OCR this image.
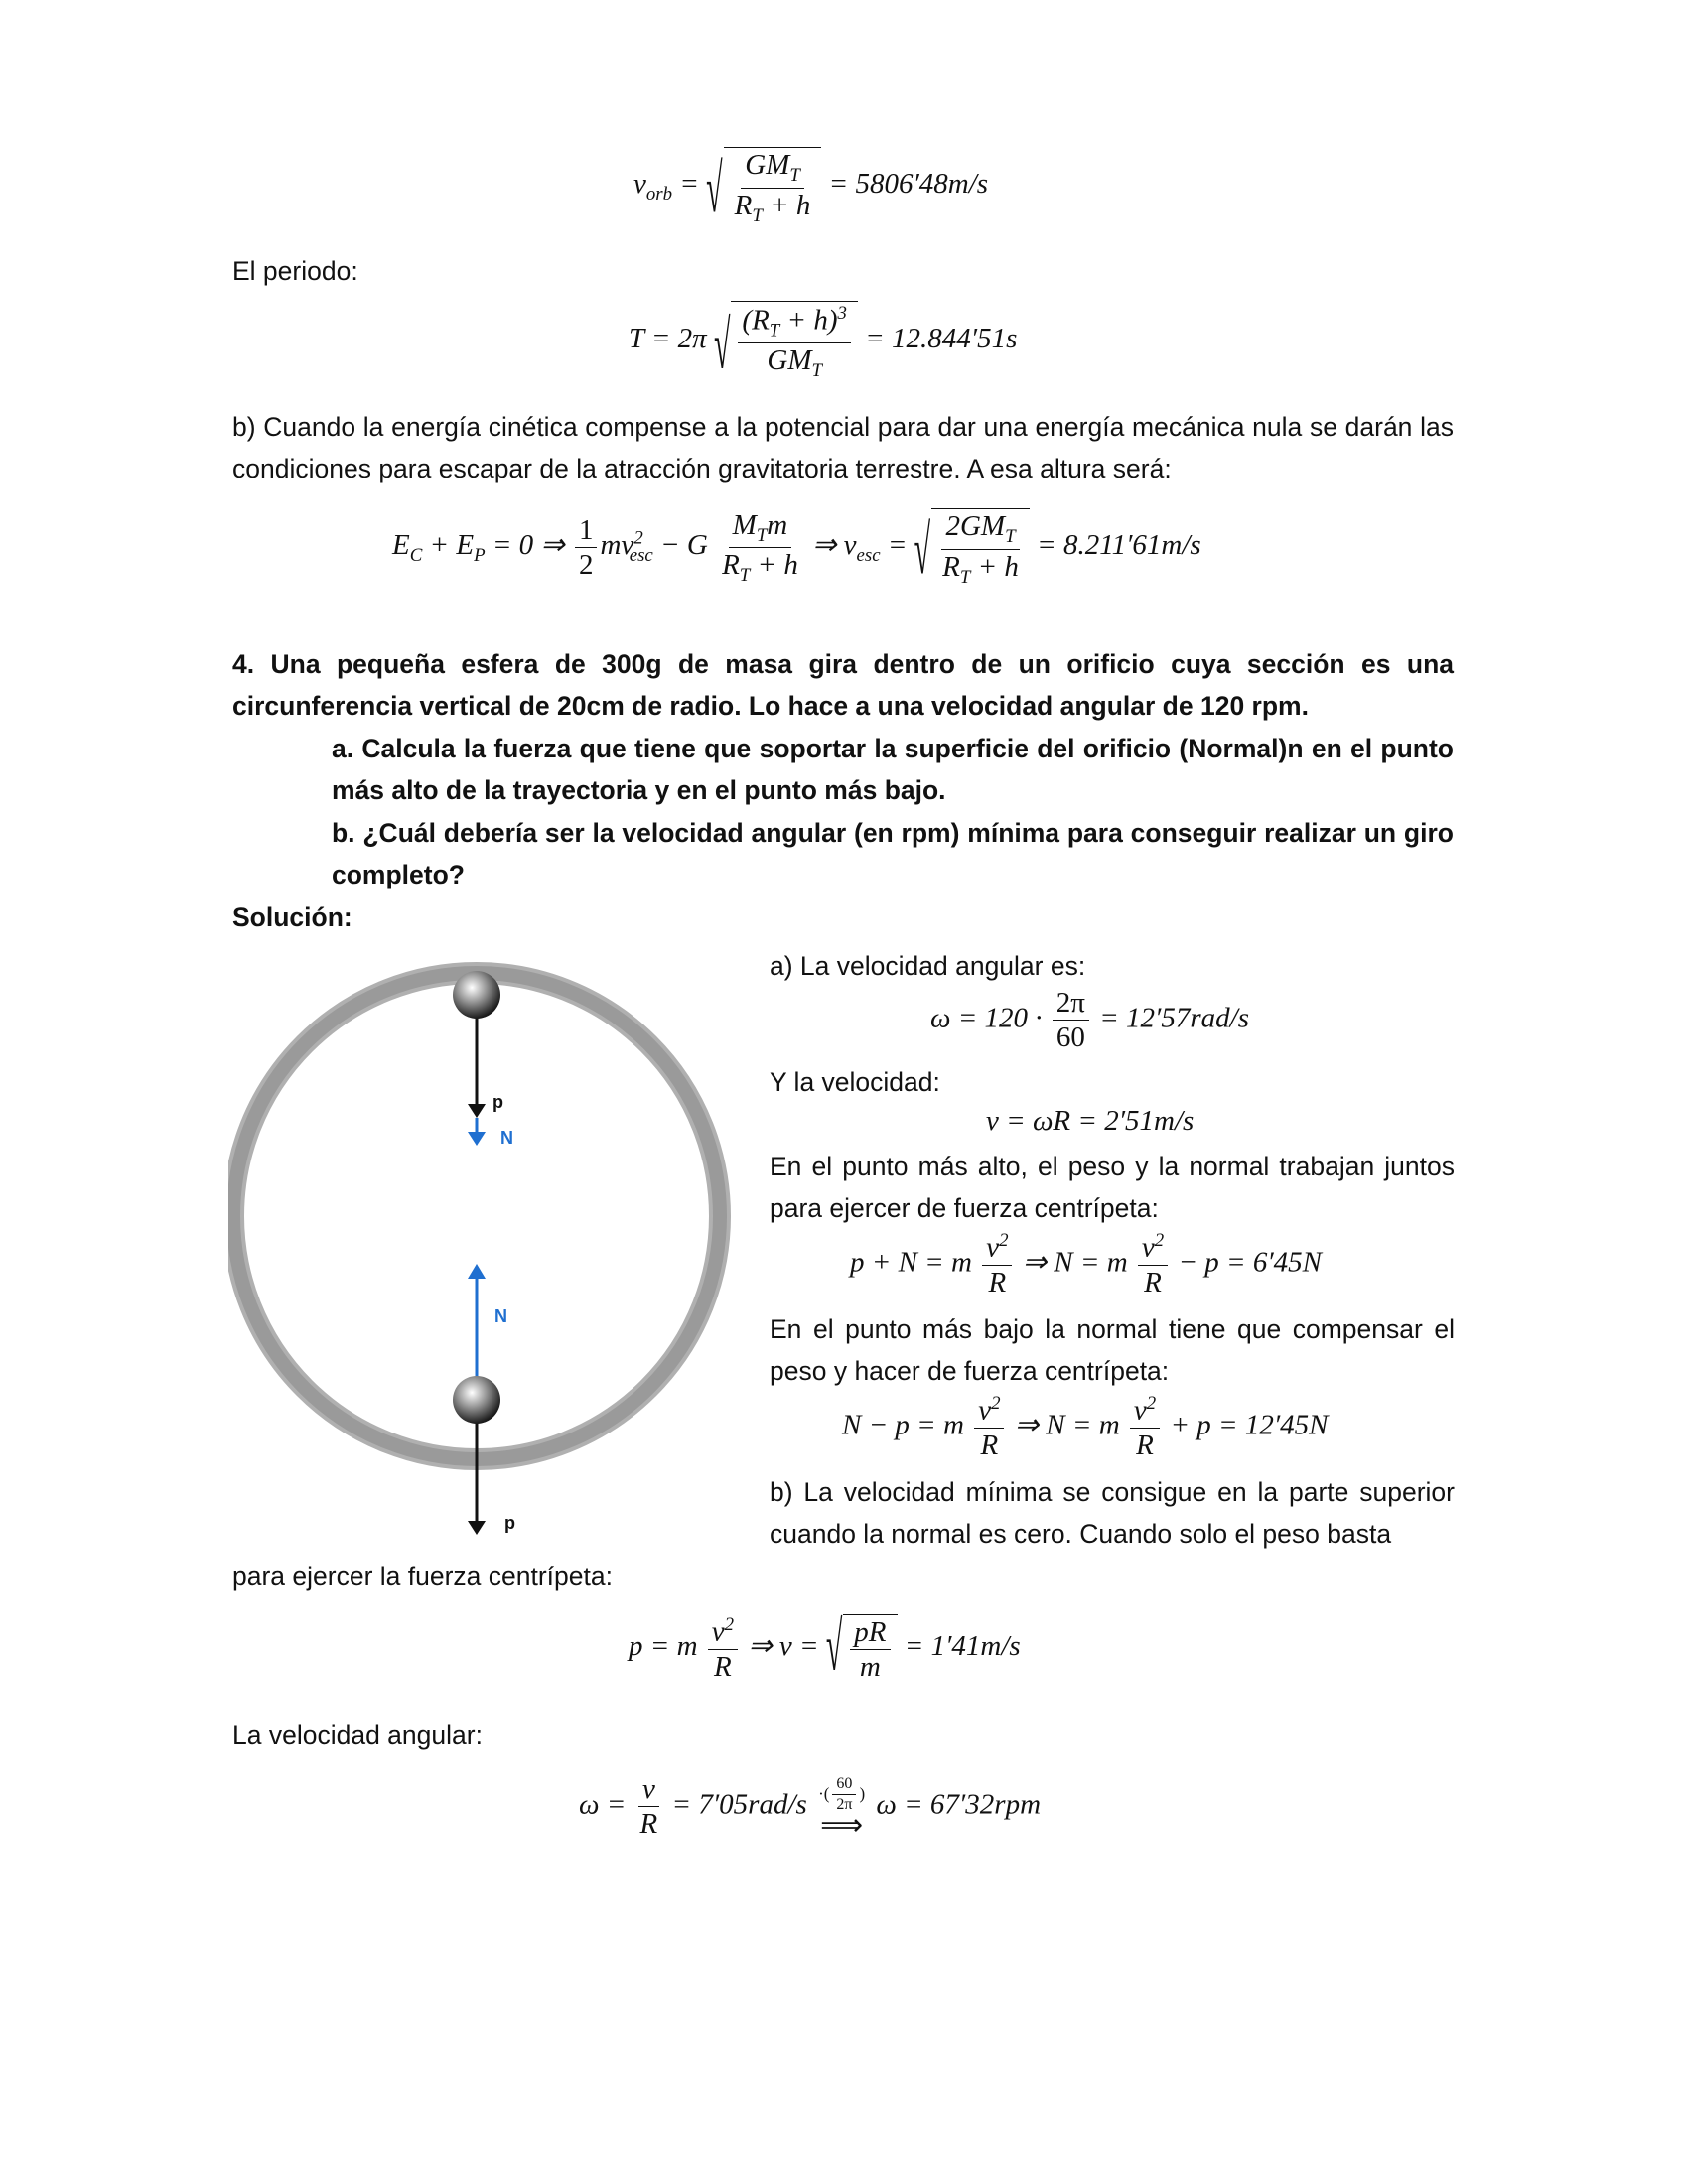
$v_{orb}$ = √ $\frac{GM_T}{R_T + h} = 5806'48m/s$
El periodo:
T = 2π √ $\frac{(R_T + h)^3}{GM_T} = 12.844'51s$
b) Cuando la energía cinética compense a la potencial para dar una energía mecánica nula se darán las condiciones para escapar de la atracción gravitatoria terrestre. A esa altura será:
$E_C + E_P = 0$ ⇒ $\frac{1}{2} mv^2_{esc} - G \frac{M_Tm}{R_T + h}$ ⇒ $v_{esc}$ = √ $\frac{2GM_T}{R_T + h} = 8.211'61m/s$
4. Una pequeña esfera de 300g de masa gira dentro de un orificio cuya sección es una circunferencia vertical de 20cm de radio. Lo hace a una velocidad angular de 120 rpm.
a. Calcula la fuerza que tiene que soportar la superficie del orificio (Normal)n en el punto más alto de la trayectoria y en el punto más bajo.
b. ¿Cuál debería ser la velocidad angular (en rpm) mínima para conseguir realizar un giro completo?
Solución:
p
N
N
p
a) La velocidad angular es:
$\omega = 120 \cdot \frac{2\pi}{60} = 12'57rad/s$
Y la velocidad:
v = ωR = 2′51m/s
En el punto más alto, el peso y la normal trabajan juntos para ejercer de fuerza centrípeta:
p + N = m $\frac{v^2}{R}$ ⇒ N = m $\frac{v^2}{R} - p = 6'45N$
En el punto más bajo la normal tiene que compensar el peso y hacer de fuerza centrípeta:
N − p = m $\frac{v^2}{R}$ ⇒ N = m $\frac{v^2}{R} + p = 12'45N$
b) La velocidad mínima se consigue en la parte superior cuando la normal es cero. Cuando solo el peso basta
para ejercer la fuerza centrípeta:
p = m $\frac{v^2}{R}$ ⇒ v = √ $\frac{pR}{m} = 1'41m/s$
La velocidad angular:
$\omega = \frac{v}{R} = 7'05rad/s$ ·( $\frac{60}{2\pi}$ )
⟹
ω = 67′32rpm
